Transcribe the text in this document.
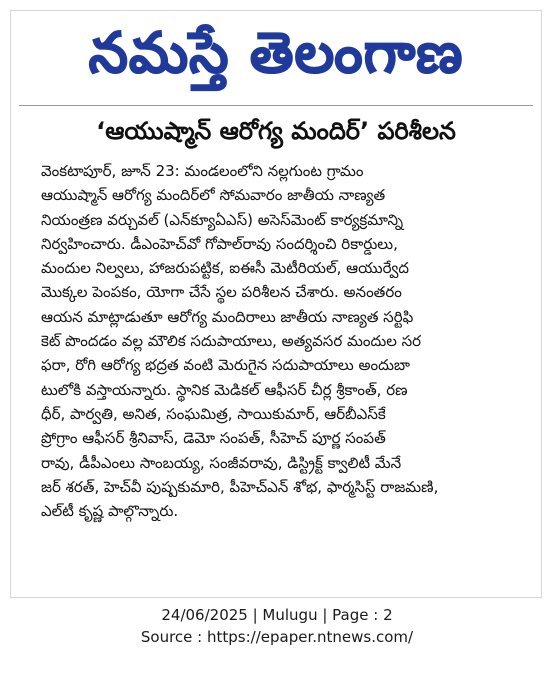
నమస్తే తెలంగాణ
‘ఆయుష్మాన్ ఆరోగ్య మందిర్’ పరిశీలన
వెంకటాపూర్, జూన్ 23: మండలంలోని నల్లగుంట గ్రామం
ఆయుష్మాన్ ఆరోగ్య మందిర్‌లో సోమవారం జాతీయ నాణ్యత
నియంత్రణ వర్చువల్ (ఎన్‌క్యూఏఎస్) అసెస్‌మెంట్ కార్యక్రమాన్ని
నిర్వహించారు. డీఎంహెచ్‌వో గోపాల్‌రావు సందర్శించి రికార్డులు,
మందుల నిల్వలు, హాజరుపట్టిక, ఐఈసీ మెటీరియల్, ఆయుర్వేద
మొక్కల పెంపకం, యోగా చేసే స్థల పరిశీలన చేశారు. అనంతరం
ఆయన మాట్లాడుతూ ఆరోగ్య మందిరాలు జాతీయ నాణ్యత సర్టిఫి
కెట్ పొందడం వల్ల మౌలిక సదుపాయాలు, అత్యవసర మందుల సర
ఫరా, రోగి ఆరోగ్య భద్రత వంటి మెరుగైన సదుపాయాలు అందుబా
టులోకి వస్తాయన్నారు. స్థానిక మెడికల్ ఆఫీసర్ చీర్ల శ్రీకాంత్, రణ
ధీర్, పార్వతి, అనిత, సంఘమిత్ర, సాయికుమార్, ఆర్‌బీఎస్‌కే
ప్రోగ్రాం ఆఫీసర్ శ్రీనివాస్, డెమో సంపత్, సీహెచ్ పూర్ణ సంపత్
రావు, డీపీఎంలు సాంబయ్య, సంజీవరావు, డిస్ట్రిక్ట్ క్వాలిటీ మేనే
జర్ శరత్, హెచ్‌వీ పుష్పకుమారి, పీహెచ్ఎన్ శోభ, ఫార్మసిస్ట్ రాజమణి,
ఎల్‌టీ కృష్ణ పాల్గొన్నారు.
24/06/2025 | Mulugu | Page : 2
Source : https://epaper.ntnews.com/
